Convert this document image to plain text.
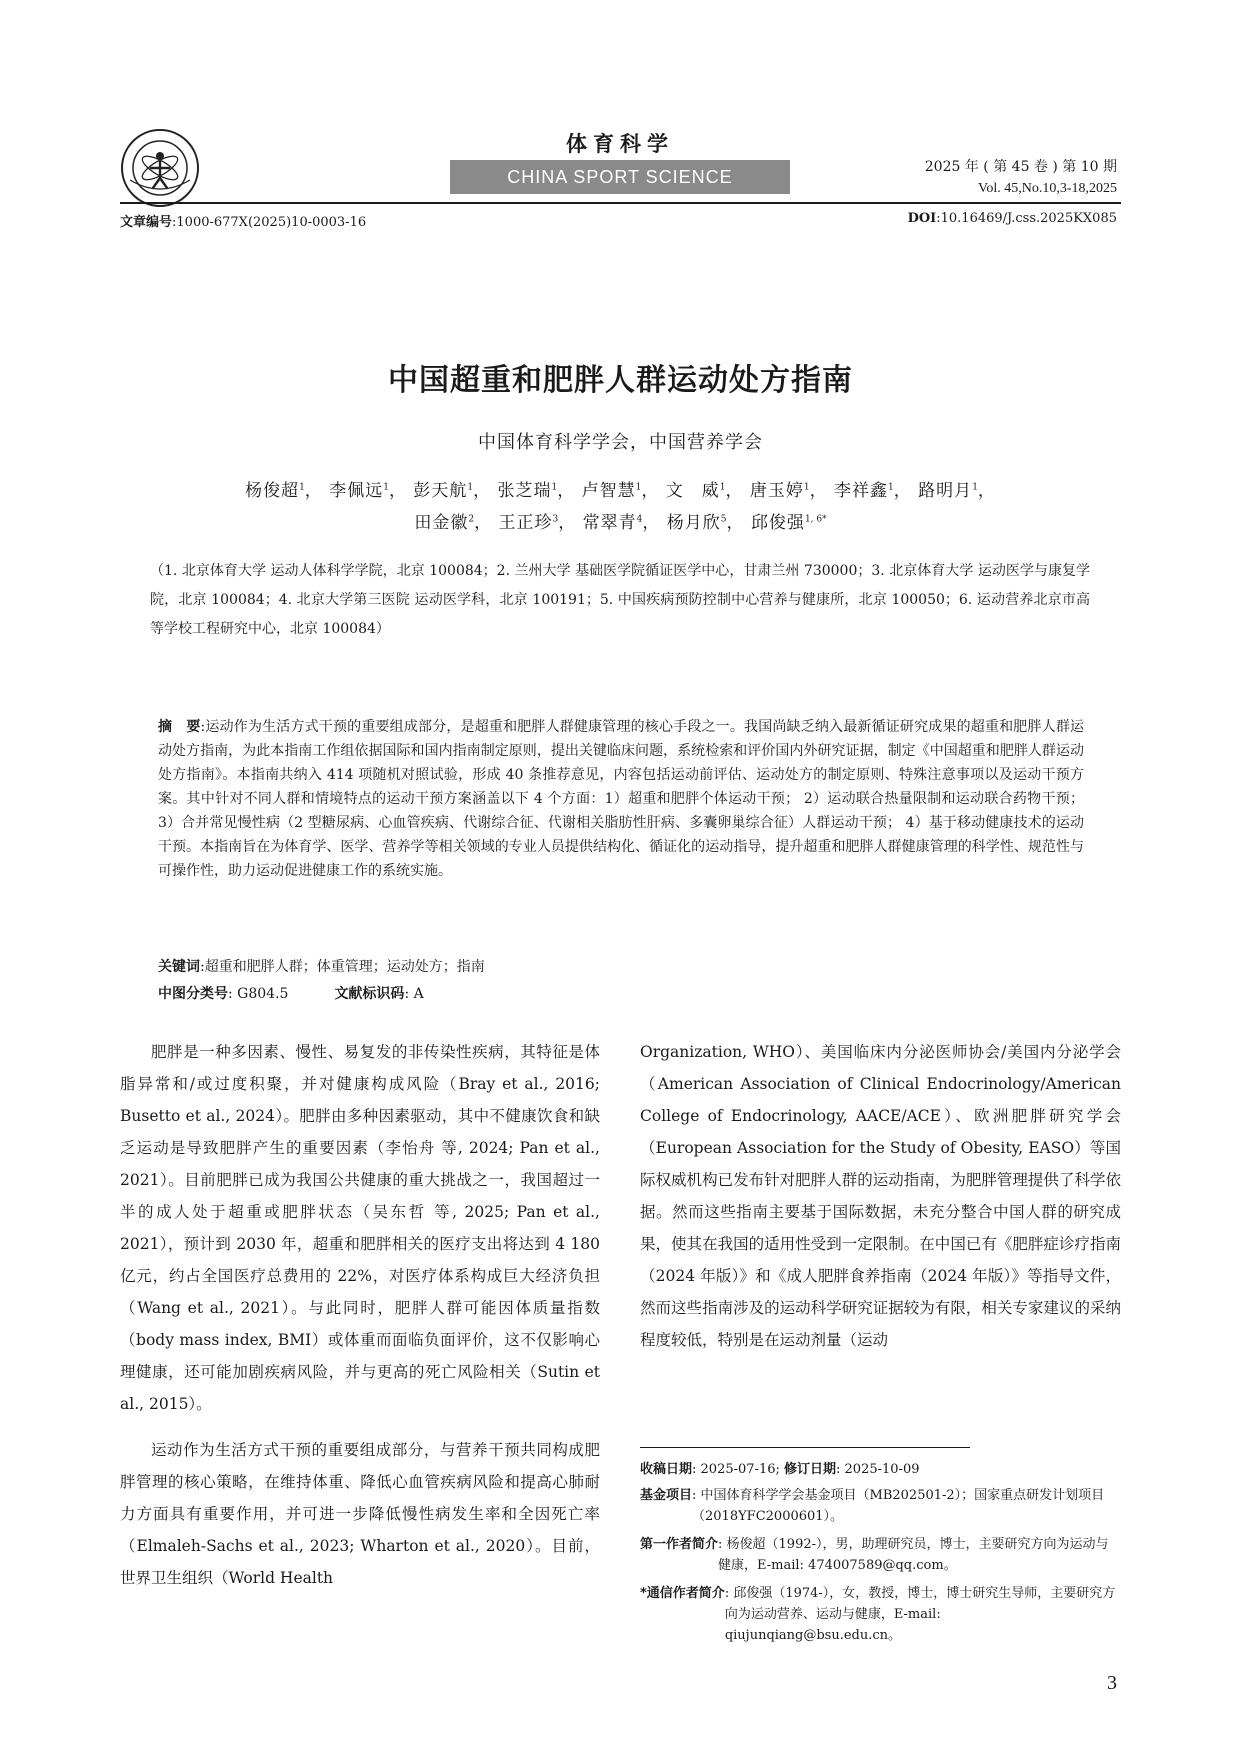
体育科学
CHINA SPORT SCIENCE	2025 年 ( 第 45 卷 ) 第 10 期
Vol. 45,No.10,3-18,2025
文章编号:1000-677X(2025)10-0003-16	DOI:10.16469/J.css.2025KX085
中国超重和肥胖人群运动处方指南
中国体育科学学会，中国营养学会
杨俊超$^1$， 李佩远$^1$， 彭天航$^1$， 张芝瑞$^1$， 卢智慧$^1$， 文　威$^1$， 唐玉婷$^1$， 李祥鑫$^1$， 路明月$^1$，
田金徽$^2$， 王正珍$^3$， 常翠青$^4$， 杨月欣$^5$， 邱俊强$^{1, 6*}$
（1. 北京体育大学 运动人体科学学院，北京 100084；2. 兰州大学 基础医学院循证医学中心，甘肃兰州 730000；3. 北京体育大学 运动医学与康复学院，北京 100084；4. 北京大学第三医院 运动医学科，北京 100191；5. 中国疾病预防控制中心营养与健康所，北京 100050；6. 运动营养北京市高等学校工程研究中心，北京 100084）
摘　要:运动作为生活方式干预的重要组成部分，是超重和肥胖人群健康管理的核心手段之一。我国尚缺乏纳入最新循证研究成果的超重和肥胖人群运动处方指南，为此本指南工作组依据国际和国内指南制定原则，提出关键临床问题，系统检索和评价国内外研究证据，制定《中国超重和肥胖人群运动处方指南》。本指南共纳入 414 项随机对照试验，形成 40 条推荐意见，内容包括运动前评估、运动处方的制定原则、特殊注意事项以及运动干预方案。其中针对不同人群和情境特点的运动干预方案涵盖以下 4 个方面：1）超重和肥胖个体运动干预； 2）运动联合热量限制和运动联合药物干预； 3）合并常见慢性病（2 型糖尿病、心血管疾病、代谢综合征、代谢相关脂肪性肝病、多囊卵巢综合征）人群运动干预； 4）基于移动健康技术的运动干预。本指南旨在为体育学、医学、营养学等相关领域的专业人员提供结构化、循证化的运动指导，提升超重和肥胖人群健康管理的科学性、规范性与可操作性，助力运动促进健康工作的系统实施。
关键词:超重和肥胖人群；体重管理；运动处方；指南
中图分类号: G804.5	文献标识码: A

肥胖是一种多因素、慢性、易复发的非传染性疾病，其特征是体脂异常和/或过度积聚，并对健康构成风险（Bray et al., 2016; Busetto et al., 2024）。肥胖由多种因素驱动，其中不健康饮食和缺乏运动是导致肥胖产生的重要因素（李怡舟 等, 2024; Pan et al., 2021）。目前肥胖已成为我国公共健康的重大挑战之一，我国超过一半的成人处于超重或肥胖状态（吴东哲 等, 2025; Pan et al., 2021），预计到 2030 年，超重和肥胖相关的医疗支出将达到 4 180 亿元，约占全国医疗总费用的 22%，对医疗体系构成巨大经济负担（Wang et al., 2021）。与此同时，肥胖人群可能因体质量指数（body mass index, BMI）或体重而面临负面评价，这不仅影响心理健康，还可能加剧疾病风险，并与更高的死亡风险相关（Sutin et al., 2015）。

运动作为生活方式干预的重要组成部分，与营养干预共同构成肥胖管理的核心策略，在维持体重、降低心血管疾病风险和提高心肺耐力方面具有重要作用，并可进一步降低慢性病发生率和全因死亡率（Elmaleh-Sachs et al., 2023; Wharton et al., 2020）。目前，世界卫生组织（World Health

Organization, WHO）、美国临床内分泌医师协会/美国内分泌学会（American Association of Clinical Endocrinology/American College of Endocrinology, AACE/ACE）、欧洲肥胖研究学会（European Association for the Study of Obesity, EASO）等国际权威机构已发布针对肥胖人群的运动指南，为肥胖管理提供了科学依据。然而这些指南主要基于国际数据，未充分整合中国人群的研究成果，使其在我国的适用性受到一定限制。在中国已有《肥胖症诊疗指南（2024 年版）》和《成人肥胖食养指南（2024 年版）》等指导文件，然而这些指南涉及的运动科学研究证据较为有限，相关专家建议的采纳程度较低，特别是在运动剂量（运动

收稿日期: 2025-07-16; 修订日期: 2025-10-09
基金项目 : 中国体育科学学会基金项目（MB202501-2）；国家重点研发计划项目（2018YFC2000601）。
第一作者简介 : 杨俊超（1992-），男，助理研究员，博士，主要研究方向为运动与健康，E-mail: 474007589@qq.com。
*通信作者简介 : 邱俊强（1974-），女，教授，博士，博士研究生导师，主要研究方向为运动营养、运动与健康，E-mail: qiujunqiang@bsu.edu.cn。
3
